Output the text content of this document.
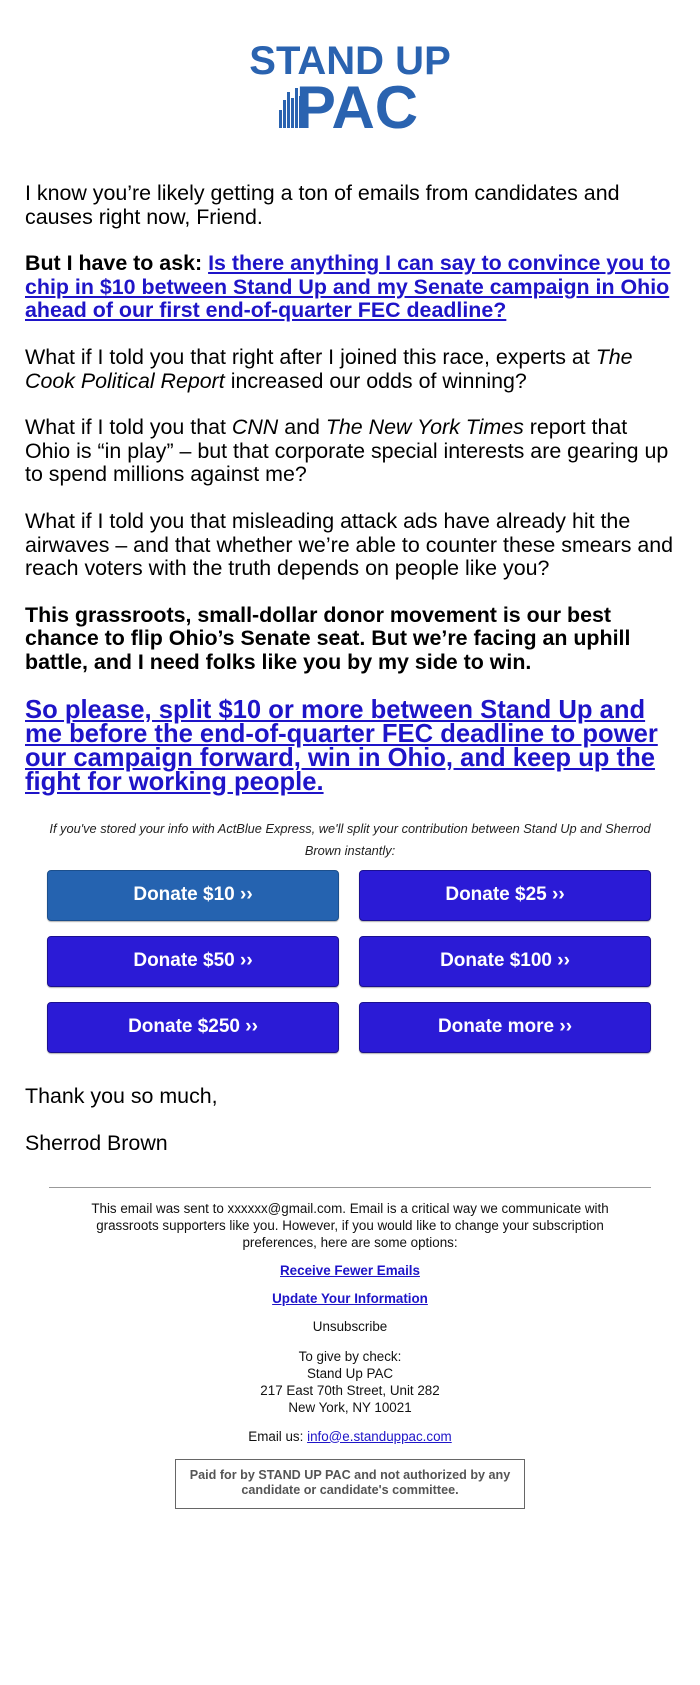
STAND UP
PAC

I know you’re likely getting a ton of emails from candidates and causes right now, Friend.

But I have to ask: Is there anything I can say to convince you to chip in $10 between Stand Up and my Senate campaign in Ohio ahead of our first end-of-quarter FEC deadline?

What if I told you that right after I joined this race, experts at The Cook Political Report increased our odds of winning?

What if I told you that CNN and The New York Times report that Ohio is “in play” – but that corporate special interests are gearing up to spend millions against me?

What if I told you that misleading attack ads have already hit the airwaves – and that whether we’re able to counter these smears and reach voters with the truth depends on people like you?

This grassroots, small-dollar donor movement is our best chance to flip Ohio’s Senate seat. But we’re facing an uphill battle, and I need folks like you by my side to win.

So please, split $10 or more between Stand Up and me before the end-of-quarter FEC deadline to power our campaign forward, win in Ohio, and keep up the fight for working people.

If you've stored your info with ActBlue Express, we'll split your contribution between Stand Up and Sherrod Brown instantly:

Donate $10 ››	Donate $25 ››
Donate $50 ››	Donate $100 ››
Donate $250 ››	Donate more ››

Thank you so much,

Sherrod Brown

This email was sent to xxxxxx@gmail.com. Email is a critical way we communicate with grassroots supporters like you. However, if you would like to change your subscription preferences, here are some options:

Receive Fewer Emails
Update Your Information

Unsubscribe

To give by check:

Stand Up PAC

217 East 70th Street, Unit 282

New York, NY 10021

Email us: info@e.standuppac.com

Paid for by STAND UP PAC and not authorized by any candidate or candidate's committee.
